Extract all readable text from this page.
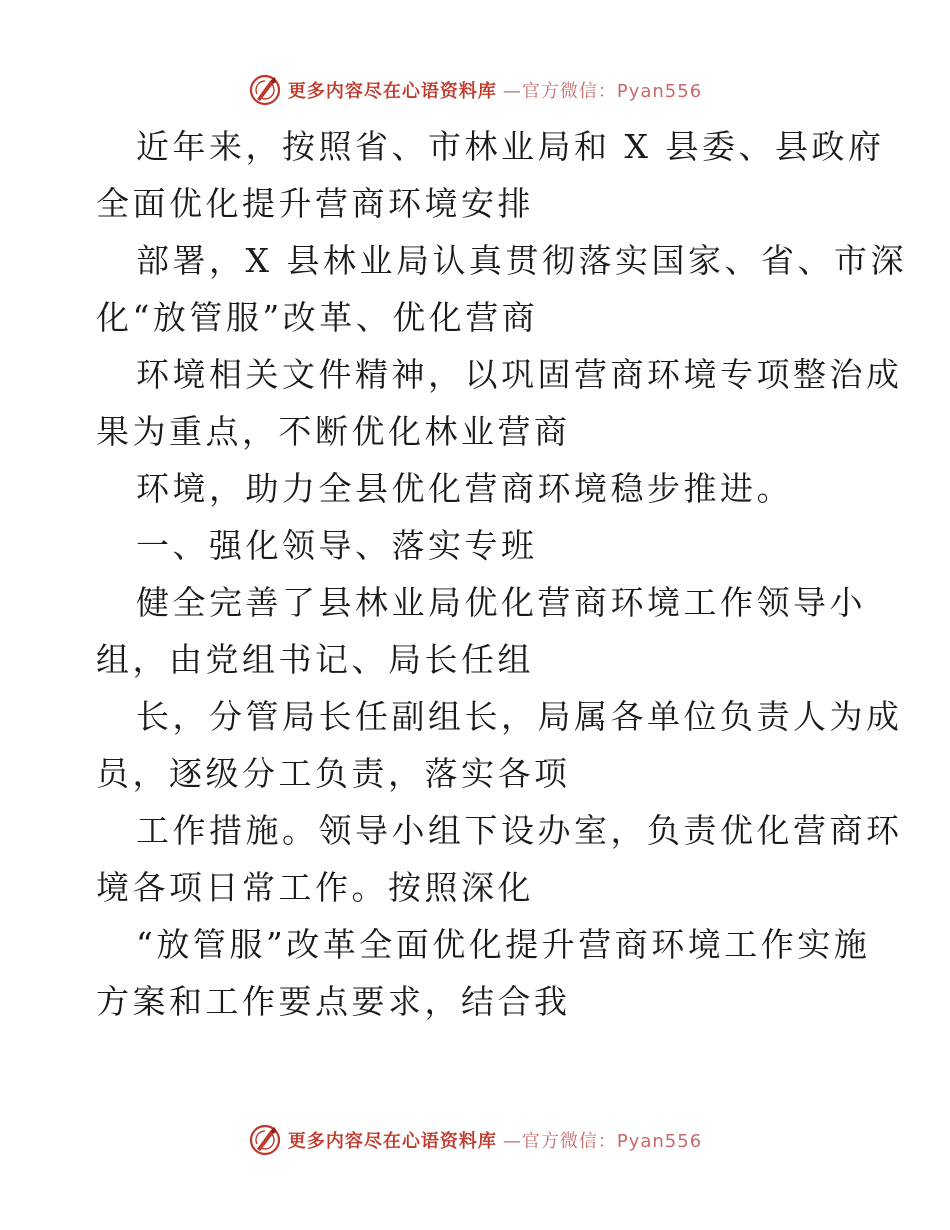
更多内容尽在心语资料库 —官方微信：Pyan556
近年来，按照省、市林业局和 X 县委、县政府
全面优化提升营商环境安排
部署，X 县林业局认真贯彻落实国家、省、市深
化“放管服”改革、优化营商
环境相关文件精神，以巩固营商环境专项整治成
果为重点，不断优化林业营商
环境，助力全县优化营商环境稳步推进。
一、强化领导、落实专班
健全完善了县林业局优化营商环境工作领导小
组，由党组书记、局长任组
长，分管局长任副组长，局属各单位负责人为成
员，逐级分工负责，落实各项
工作措施。领导小组下设办室，负责优化营商环
境各项日常工作。按照深化
“放管服”改革全面优化提升营商环境工作实施
方案和工作要点要求，结合我
更多内容尽在心语资料库 —官方微信：Pyan556
